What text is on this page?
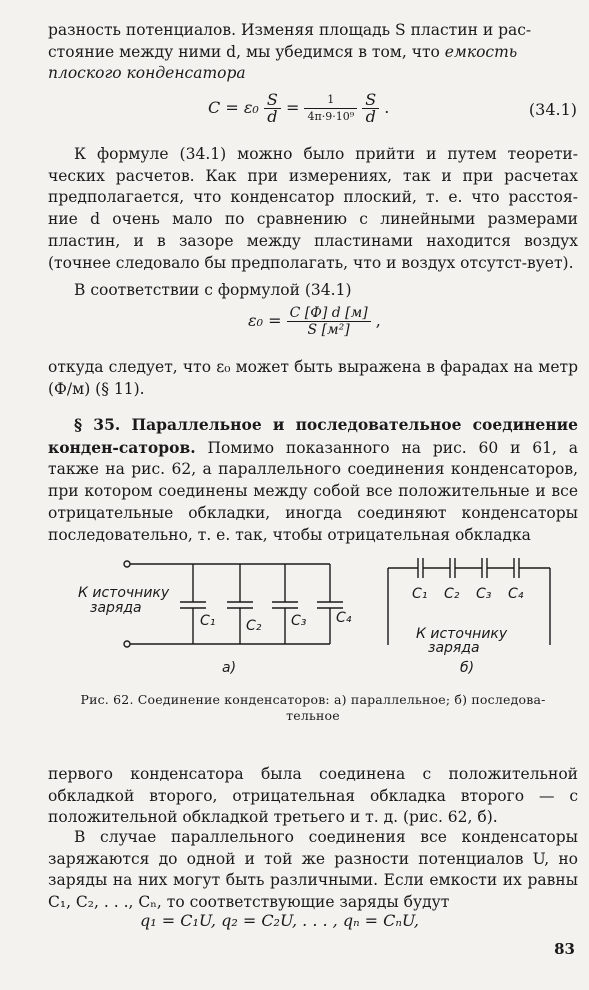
разность потенциалов. Изменяя площадь S пластин и рас-
стояние между ними d, мы убедимся в том, что емкость
плоского конденсатора
$C = \varepsilon_0 \frac{S}{d} = \frac{1}{\text{4π·9·10⁹}}$
$\frac{S}{d}$ .	(34.1)
К формуле (34.1) можно было прийти и путем теорети-ческих расчетов. Как при измерениях, так и при расчетах предполагается, что конденсатор плоский, т. е. что расстоя-ние d очень мало по сравнению с линейными размерами пластин, и в зазоре между пластинами находится воздух (точнее следовало бы предполагать, что и воздух отсутст-вует).
В соответствии с формулой (34.1)
$\varepsilon_0 = \frac{C [Ф] d [м]}{\text{S [м²]}}$ ,
откуда следует, что ε₀ может быть выражена в фарадах на метр (Ф/м) (§ 11).
§ 35. Параллельное и последовательное соединение конден-саторов. Помимо показанного на рис. 60 и 61, а также на рис. 62, а параллельного соединения конденсаторов, при котором соединены между собой все положительные и все отрицательные обкладки, иногда соединяют конденсаторы последовательно, т. е. так, чтобы отрицательная обкладка
К источнику
заряда
C₁ C₂ C₃ C₄
а)
C₁ C₂ C₃ C₄
К источнику
заряда
б)
Рис. 62. Соединение конденсаторов: а) параллельное; б) последова-
тельное
первого конденсатора была соединена с положительной обкладкой второго, отрицательная обкладка второго — с положительной обкладкой третьего и т. д. (рис. 62, б).
В случае параллельного соединения все конденсаторы заряжаются до одной и той же разности потенциалов U, но заряды на них могут быть различными. Если емкости их равны C₁, C₂, . . ., Cₙ, то соответствующие заряды будут
q₁ = C₁U, q₂ = C₂U, . . . , qₙ = CₙU,
83
